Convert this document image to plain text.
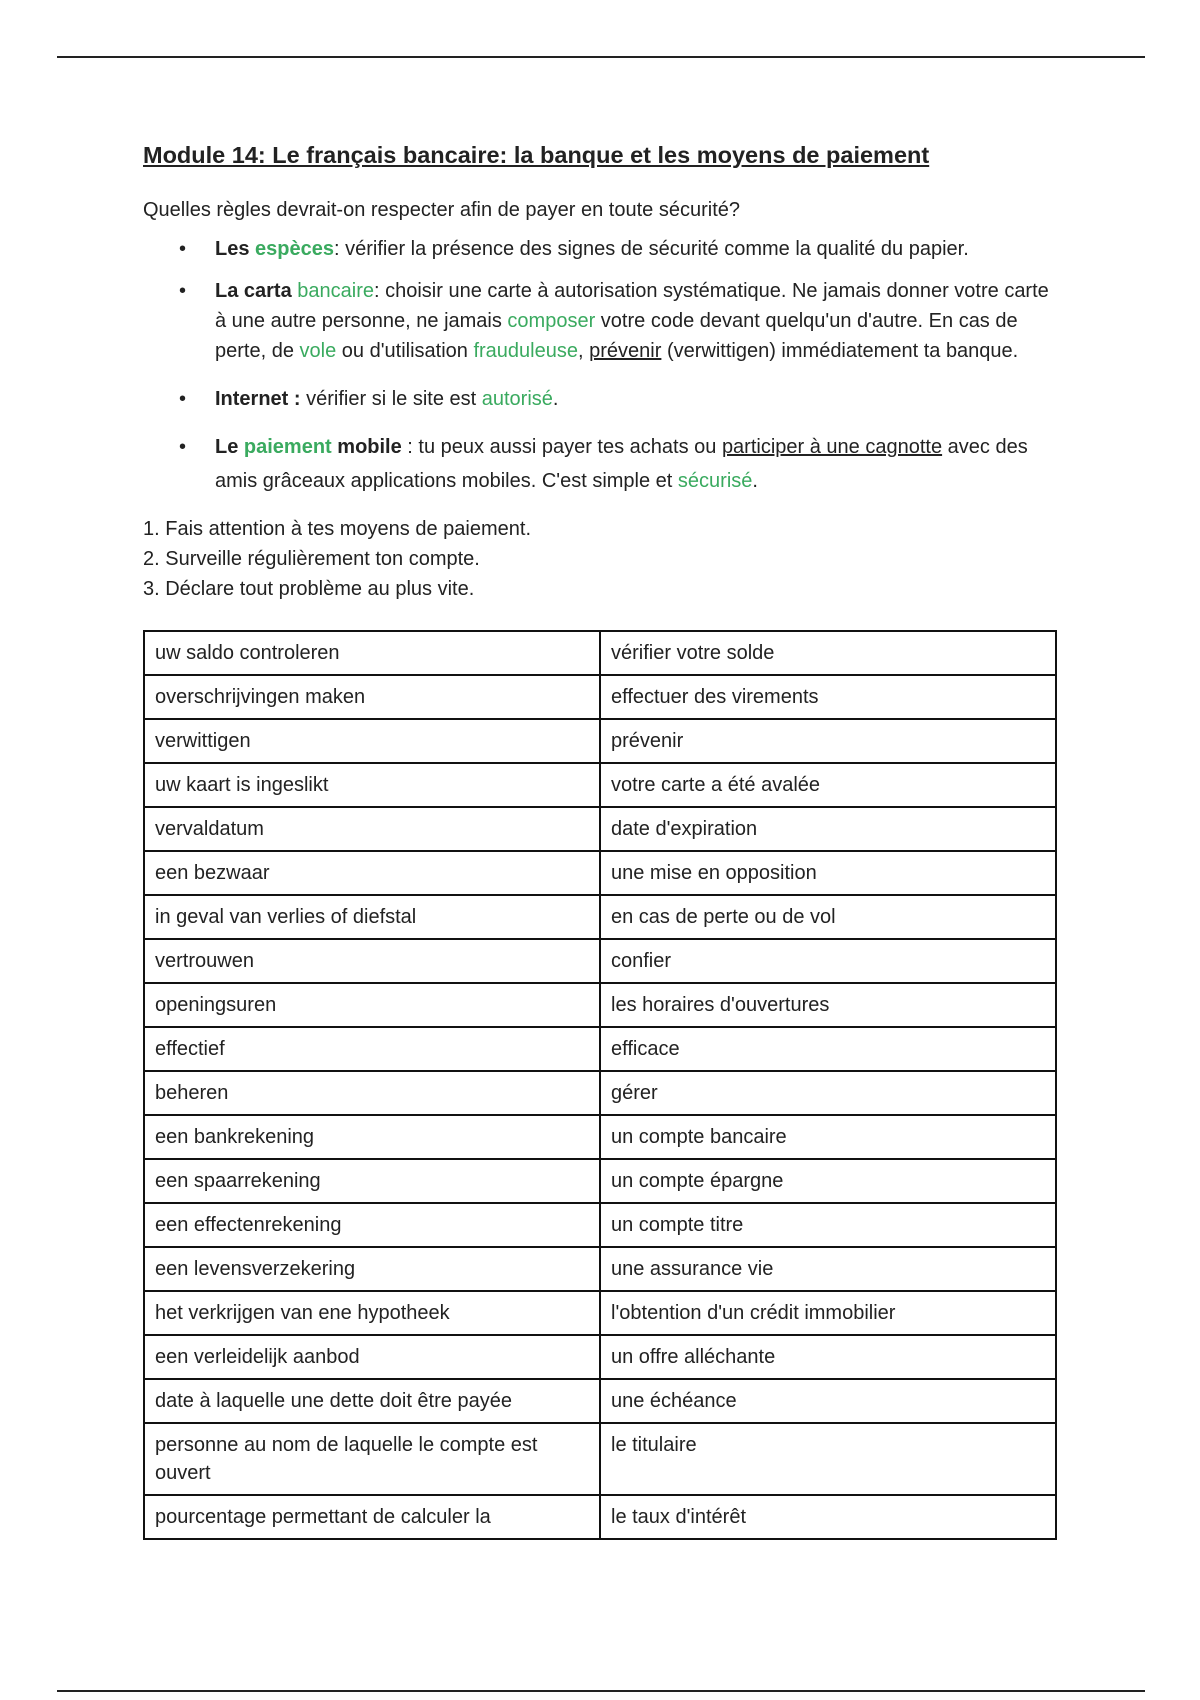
Module 14: Le français bancaire: la banque et les moyens de paiement

Quelles règles devrait-on respecter afin de payer en toute sécurité?

• Les espèces: vérifier la présence des signes de sécurité comme la qualité du papier.
• La carta bancaire: choisir une carte à autorisation systématique. Ne jamais donner votre carte à une autre personne, ne jamais composer votre code devant quelqu'un d'autre. En cas de perte, de vole ou d'utilisation frauduleuse, prévenir (verwittigen) immédiatement ta banque.
• Internet : vérifier si le site est autorisé.
• Le paiement mobile : tu peux aussi payer tes achats ou participer à une cagnotte avec des amis grâceaux applications mobiles. C'est simple et sécurisé.
1. Fais attention à tes moyens de paiement.
2. Surveille régulièrement ton compte.
3. Déclare tout problème au plus vite.
uw saldo controleren	vérifier votre solde
overschrijvingen maken	effectuer des virements
verwittigen	prévenir
uw kaart is ingeslikt	votre carte a été avalée
vervaldatum	date d'expiration
een bezwaar	une mise en opposition
in geval van verlies of diefstal	en cas de perte ou de vol
vertrouwen	confier
openingsuren	les horaires d'ouvertures
effectief	efficace
beheren	gérer
een bankrekening	un compte bancaire
een spaarrekening	un compte épargne
een effectenrekening	un compte titre
een levensverzekering	une assurance vie
het verkrijgen van ene hypotheek	l'obtention d'un crédit immobilier
een verleidelijk aanbod	un offre alléchante
date à laquelle une dette doit être payée	une échéance
personne au nom de laquelle le compte est ouvert	le titulaire
pourcentage permettant de calculer la	le taux d'intérêt
